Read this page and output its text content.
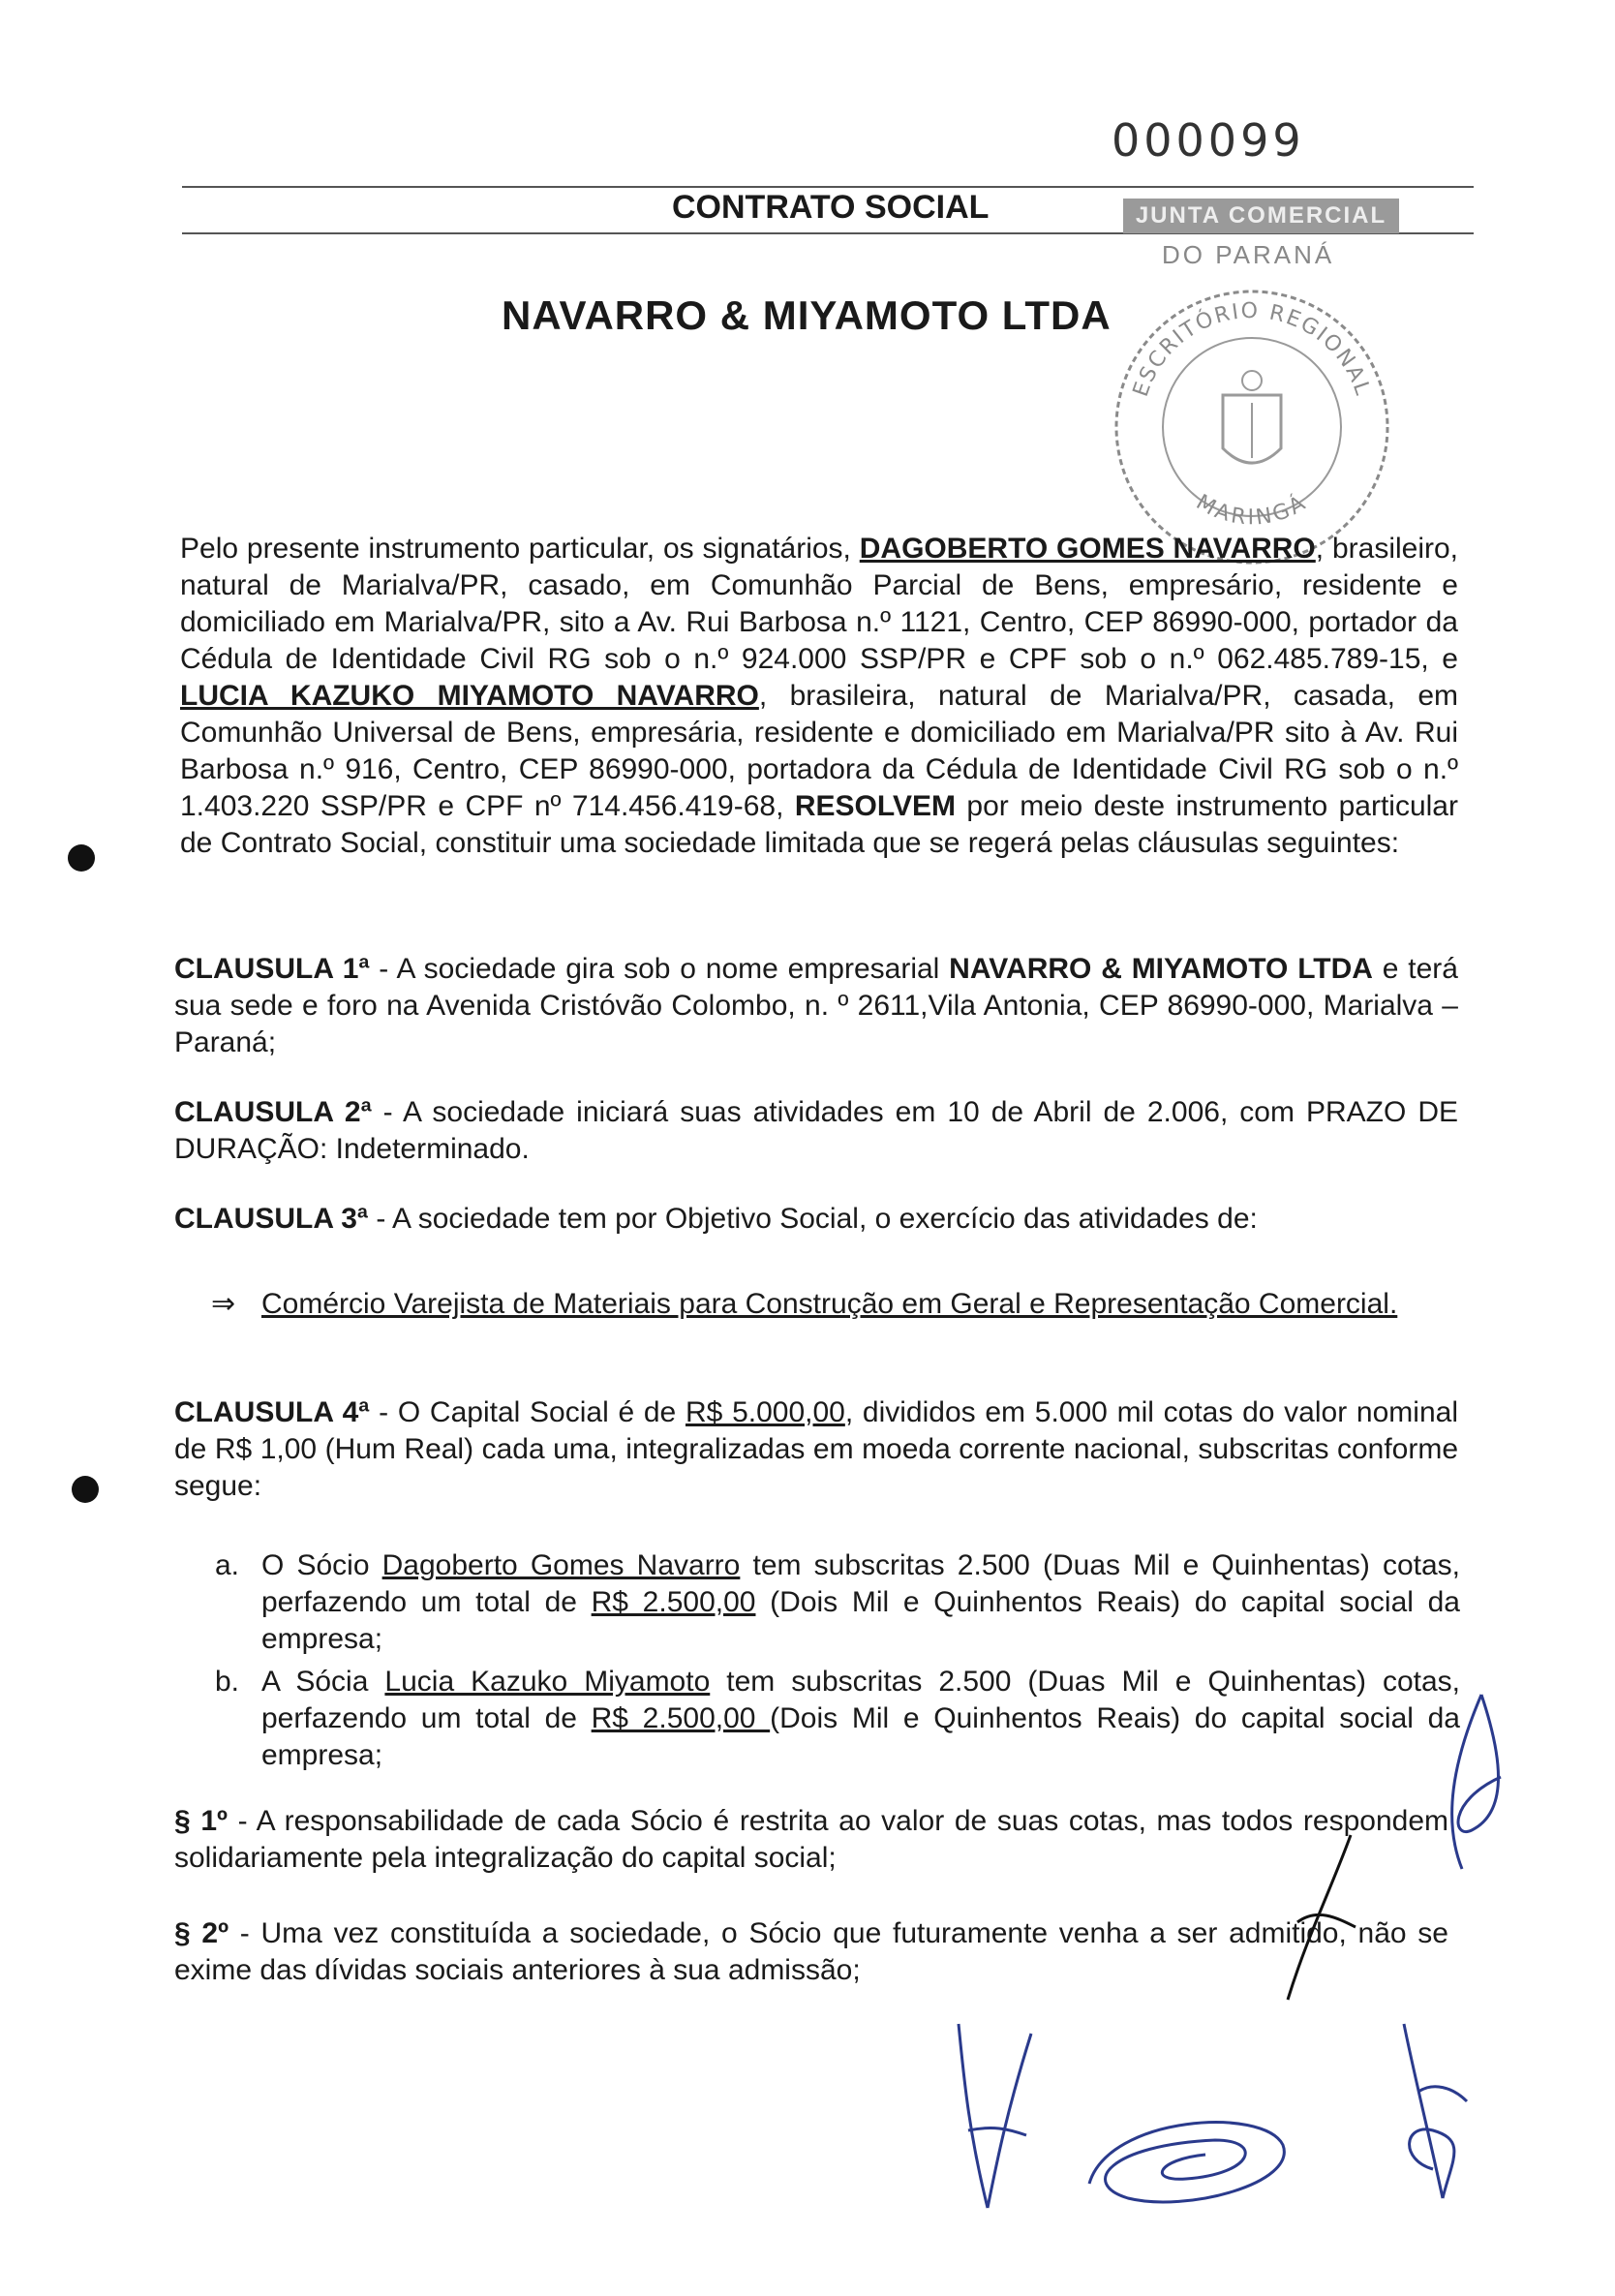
000099
CONTRATO SOCIAL	JUNTA COMERCIAL
DO PARANÁ
ESCRITÓRIO REGIONAL
MARINGÁ
NAVARRO & MIYAMOTO LTDA
Pelo presente instrumento particular, os signatários, DAGOBERTO GOMES NAVARRO, brasileiro, natural de Marialva/PR, casado, em Comunhão Parcial de Bens, empresário, residente e domiciliado em Marialva/PR, sito a Av. Rui Barbosa n.º 1121, Centro, CEP 86990-000, portador da Cédula de Identidade Civil RG sob o n.º 924.000 SSP/PR e CPF sob o n.º 062.485.789-15, e LUCIA KAZUKO MIYAMOTO NAVARRO, brasileira, natural de Marialva/PR, casada, em Comunhão Universal de Bens, empresária, residente e domiciliado em Marialva/PR sito à Av. Rui Barbosa n.º 916, Centro, CEP 86990-000, portadora da Cédula de Identidade Civil RG sob o n.º 1.403.220 SSP/PR e CPF nº 714.456.419-68, RESOLVEM por meio deste instrumento particular de Contrato Social, constituir uma sociedade limitada que se regerá pelas cláusulas seguintes:
CLAUSULA 1ª - A sociedade gira sob o nome empresarial NAVARRO & MIYAMOTO LTDA e terá sua sede e foro na Avenida Cristóvão Colombo, n. º 2611,Vila Antonia, CEP 86990-000, Marialva – Paraná;
CLAUSULA 2ª - A sociedade iniciará suas atividades em 10 de Abril de 2.006, com PRAZO DE DURAÇÃO: Indeterminado.
CLAUSULA 3ª - A sociedade tem por Objetivo Social, o exercício das atividades de:
⇒ Comércio Varejista de Materiais para Construção em Geral e Representação Comercial.
CLAUSULA 4ª - O Capital Social é de R$ 5.000,00, divididos em 5.000 mil cotas do valor nominal de R$ 1,00 (Hum Real) cada uma, integralizadas em moeda corrente nacional, subscritas conforme segue:
a. O Sócio Dagoberto Gomes Navarro tem subscritas 2.500 (Duas Mil e Quinhentas) cotas, perfazendo um total de R$ 2.500,00 (Dois Mil e Quinhentos Reais) do capital social da empresa;
b. A Sócia Lucia Kazuko Miyamoto tem subscritas 2.500 (Duas Mil e Quinhentas) cotas, perfazendo um total de R$ 2.500,00 (Dois Mil e Quinhentos Reais) do capital social da empresa;
§ 1º - A responsabilidade de cada Sócio é restrita ao valor de suas cotas, mas todos respondem solidariamente pela integralização do capital social;
§ 2º - Uma vez constituída a sociedade, o Sócio que futuramente venha a ser admitido, não se exime das dívidas sociais anteriores à sua admissão;
